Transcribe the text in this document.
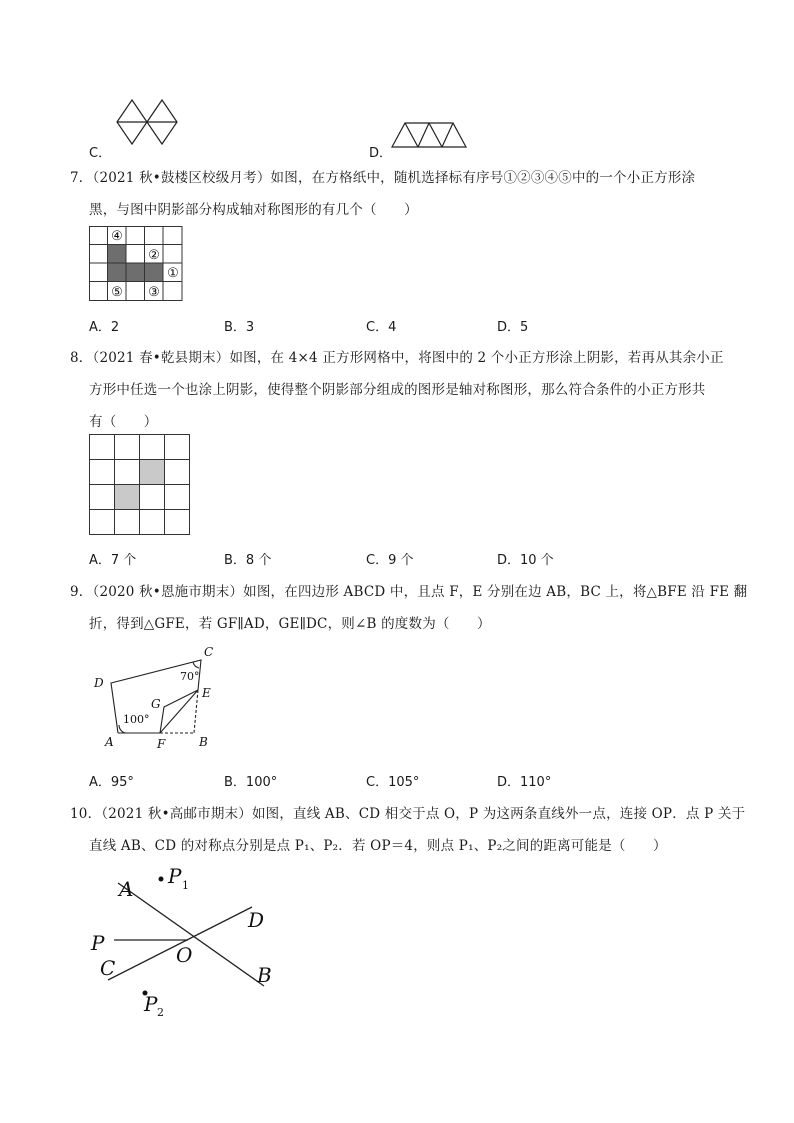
C．	D．
7．（2021 秋•鼓楼区校级月考）如图，在方格纸中，随机选择标有序号①②③④⑤中的一个小正方形涂
黑，与图中阴影部分构成轴对称图形的有几个（　　）
④
②
①
⑤ ③
A．2	B．3	C．4	D．5
8．（2021 春•乾县期末）如图，在 4×4 正方形网格中，将图中的 2 个小正方形涂上阴影，若再从其余小正
方形中任选一个也涂上阴影，使得整个阴影部分组成的图形是轴对称图形，那么符合条件的小正方形共
有（　　）
A．7 个	B．8 个	C．9 个	D．10 个
9．（2020 秋•恩施市期末）如图，在四边形 ABCD 中，且点 F，E 分别在边 AB，BC 上，将△BFE 沿 FE 翻
折，得到△GFE，若 GF∥AD，GE∥DC，则∠B 的度数为（　　）
D
C
G
E
A	F	B
70°
100°
A．95°	B．100°	C．105°	D．110°
10．（2021 秋•高邮市期末）如图，直线 AB、CD 相交于点 O，P 为这两条直线外一点，连接 OP．点 P 关于
直线 AB、CD 的对称点分别是点 P₁、P₂．若 OP＝4，则点 P₁、P₂之间的距离可能是（　　）
A
P
D
P	O
C	B
P
1
2
